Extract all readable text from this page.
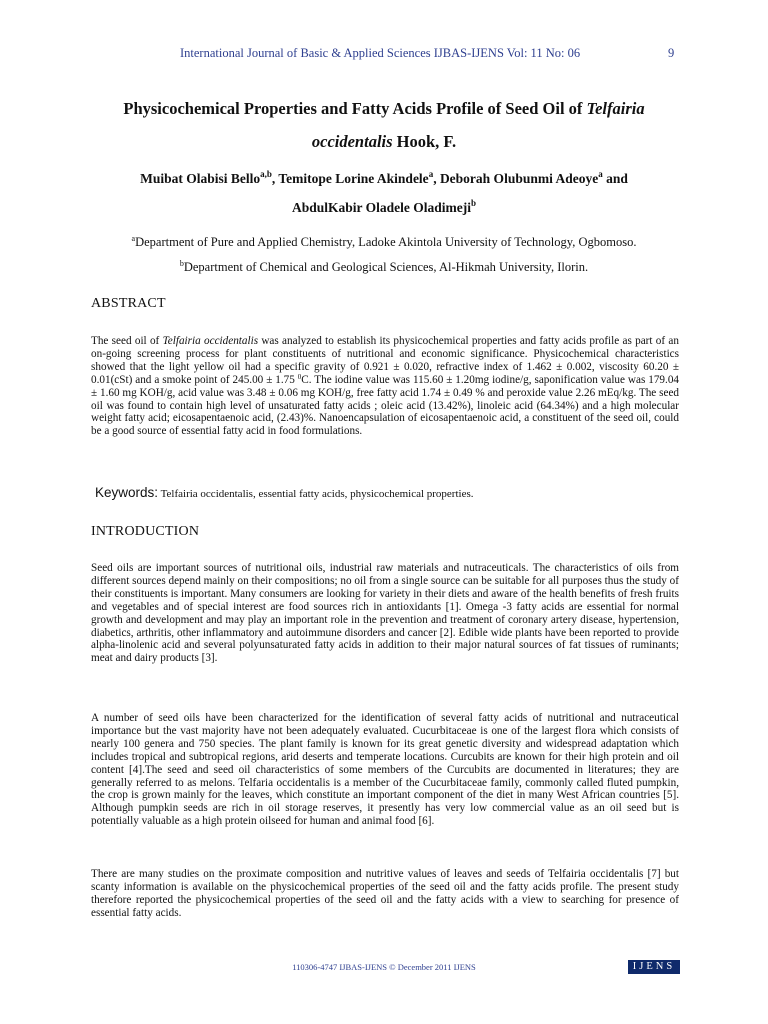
International Journal of Basic & Applied Sciences IJBAS-IJENS Vol: 11 No: 06	9
Physicochemical Properties and Fatty Acids Profile of Seed Oil of Telfairia
occidentalis Hook, F.
Muibat Olabisi Bello$^{a,b}$, Temitope Lorine Akindele$^a$, Deborah Olubunmi Adeoye$^a$ and
AbdulKabir Oladele Oladimeji$^b$
$^a$Department of Pure and Applied Chemistry, Ladoke Akintola University of Technology, Ogbomoso.
$^b$Department of Chemical and Geological Sciences, Al-Hikmah University, Ilorin.
ABSTRACT
The seed oil of Telfairia occidentalis was analyzed to establish its physicochemical properties and fatty acids profile as part of an on-going screening process for plant constituents of nutritional and economic significance. Physicochemical characteristics showed that the light yellow oil had a specific gravity of 0.921 ± 0.020, refractive index of 1.462 ± 0.002, viscosity 60.20 ± 0.01(cSt) and a smoke point of 245.00 ± 1.75 $^0$C. The iodine value was 115.60 ± 1.20mg iodine/g, saponification value was 179.04 ± 1.60 mg KOH/g, acid value was 3.48 ± 0.06 mg KOH/g, free fatty acid 1.74 ± 0.49 % and peroxide value 2.26 mEq/kg. The seed oil was found to contain high level of unsaturated fatty acids ; oleic acid (13.42%), linoleic acid (64.34%) and a high molecular weight fatty acid; eicosapentaenoic acid, (2.43)%. Nanoencapsulation of eicosapentaenoic acid, a constituent of the seed oil, could be a good source of essential fatty acid in food formulations.
Keywords: Telfairia occidentalis, essential fatty acids, physicochemical properties.
INTRODUCTION
Seed oils are important sources of nutritional oils, industrial raw materials and nutraceuticals. The characteristics of oils from different sources depend mainly on their compositions; no oil from a single source can be suitable for all purposes thus the study of their constituents is important. Many consumers are looking for variety in their diets and aware of the health benefits of fresh fruits and vegetables and of special interest are food sources rich in antioxidants [1]. Omega -3 fatty acids are essential for normal growth and development and may play an important role in the prevention and treatment of coronary artery disease, hypertension, diabetics, arthritis, other inflammatory and autoimmune disorders and cancer [2]. Edible wide plants have been reported to provide alpha-linolenic acid and several polyunsaturated fatty acids in addition to their major natural sources of fat tissues of ruminants; meat and dairy products [3].
A number of seed oils have been characterized for the identification of several fatty acids of nutritional and nutraceutical importance but the vast majority have not been adequately evaluated. Cucurbitaceae is one of the largest flora which consists of nearly 100 genera and 750 species. The plant family is known for its great genetic diversity and widespread adaptation which includes tropical and subtropical regions, arid deserts and temperate locations. Curcubits are known for their high protein and oil content [4].The seed and seed oil characteristics of some members of the Curcubits are documented in literatures; they are generally referred to as melons. Telfaria occidentalis is a member of the Cucurbitaceae family, commonly called fluted pumpkin, the crop is grown mainly for the leaves, which constitute an important component of the diet in many West African countries [5]. Although pumpkin seeds are rich in oil storage reserves, it presently has very low commercial value as an oil seed but is potentially valuable as a high protein oilseed for human and animal food [6].
There are many studies on the proximate composition and nutritive values of leaves and seeds of Telfairia occidentalis [7] but scanty information is available on the physicochemical properties of the seed oil and the fatty acids profile. The present study therefore reported the physicochemical properties of the seed oil and the fatty acids with a view to searching for presence of essential fatty acids.
110306-4747 IJBAS-IJENS © December 2011 IJENS	IJENS
